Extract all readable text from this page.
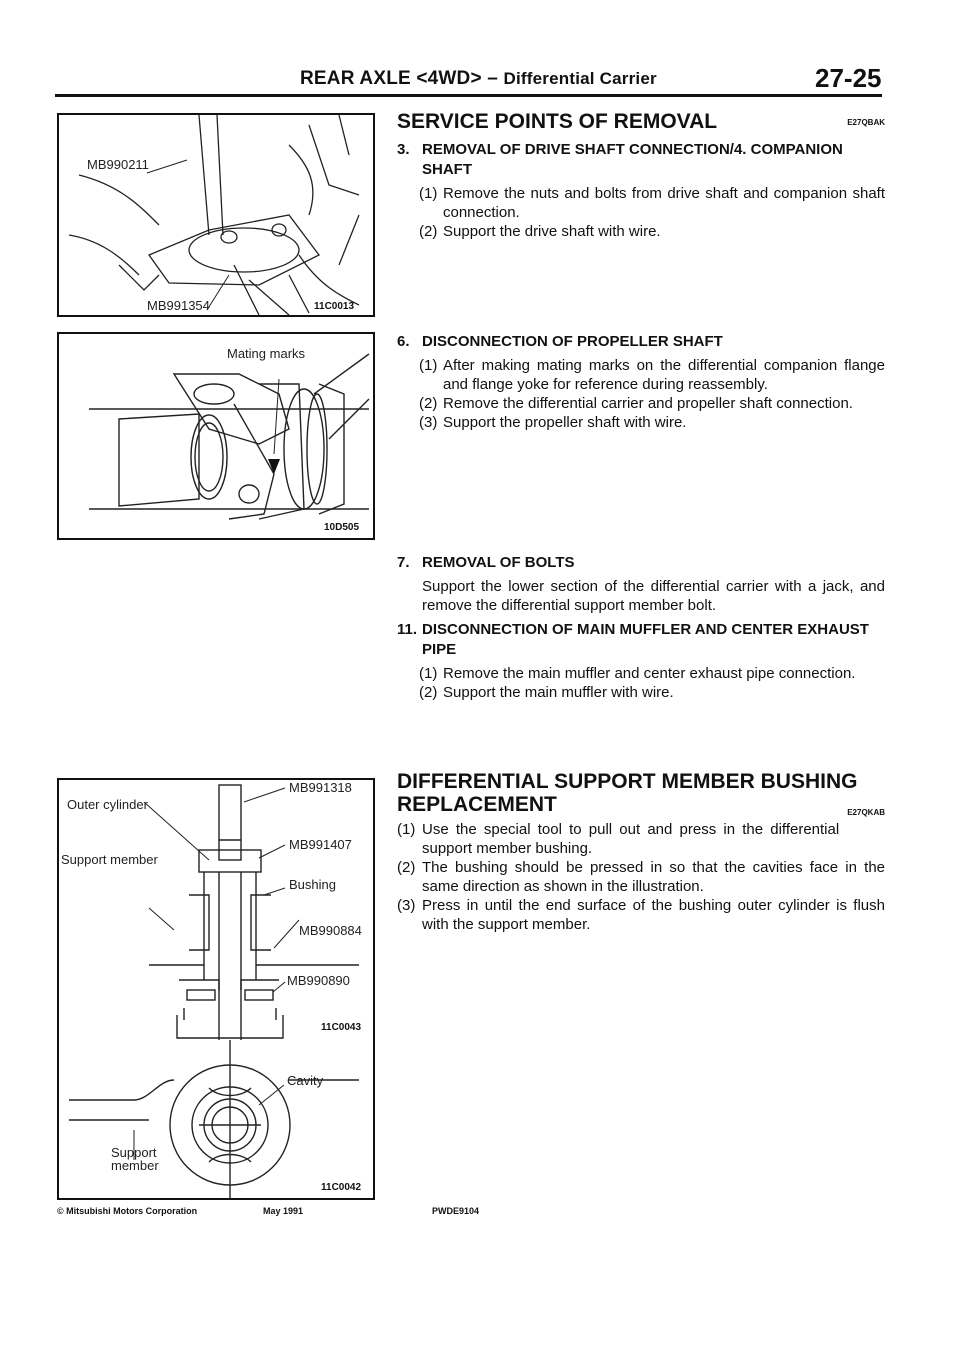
REAR AXLE <4WD> – Differential Carrier	27-25
MB990211
MB991354	11C0013
Mating marks
10D505
MB991318
Outer cylinder
MB991407
Support member
Bushing
MB990884
MB990890
11C0043
Cavity
Support
member
11C0042
SERVICE POINTS OF REMOVAL	E27QBAK
3. REMOVAL OF DRIVE SHAFT CONNECTION/4. COMPANION SHAFT
(1) Remove the nuts and bolts from drive shaft and companion shaft connection.
(2) Support the drive shaft with wire.
6. DISCONNECTION OF PROPELLER SHAFT
(1) After making mating marks on the differential companion flange and flange yoke for reference during reassembly.
(2) Remove the differential carrier and propeller shaft connection.
(3) Support the propeller shaft with wire.
7. REMOVAL OF BOLTS
Support the lower section of the differential carrier with a jack, and remove the differential support member bolt.
11. DISCONNECTION OF MAIN MUFFLER AND CENTER EXHAUST PIPE
(1) Remove the main muffler and center exhaust pipe connection.
(2) Support the main muffler with wire.
DIFFERENTIAL SUPPORT MEMBER BUSHING
REPLACEMENT	E27QKAB
(1) Use the special tool to pull out and press in the differential support member bushing.
(2) The bushing should be pressed in so that the cavities face in the same direction as shown in the illustration.
(3) Press in until the end surface of the bushing outer cylinder is flush with the support member.
© Mitsubishi Motors Corporation	May 1991	PWDE9104
